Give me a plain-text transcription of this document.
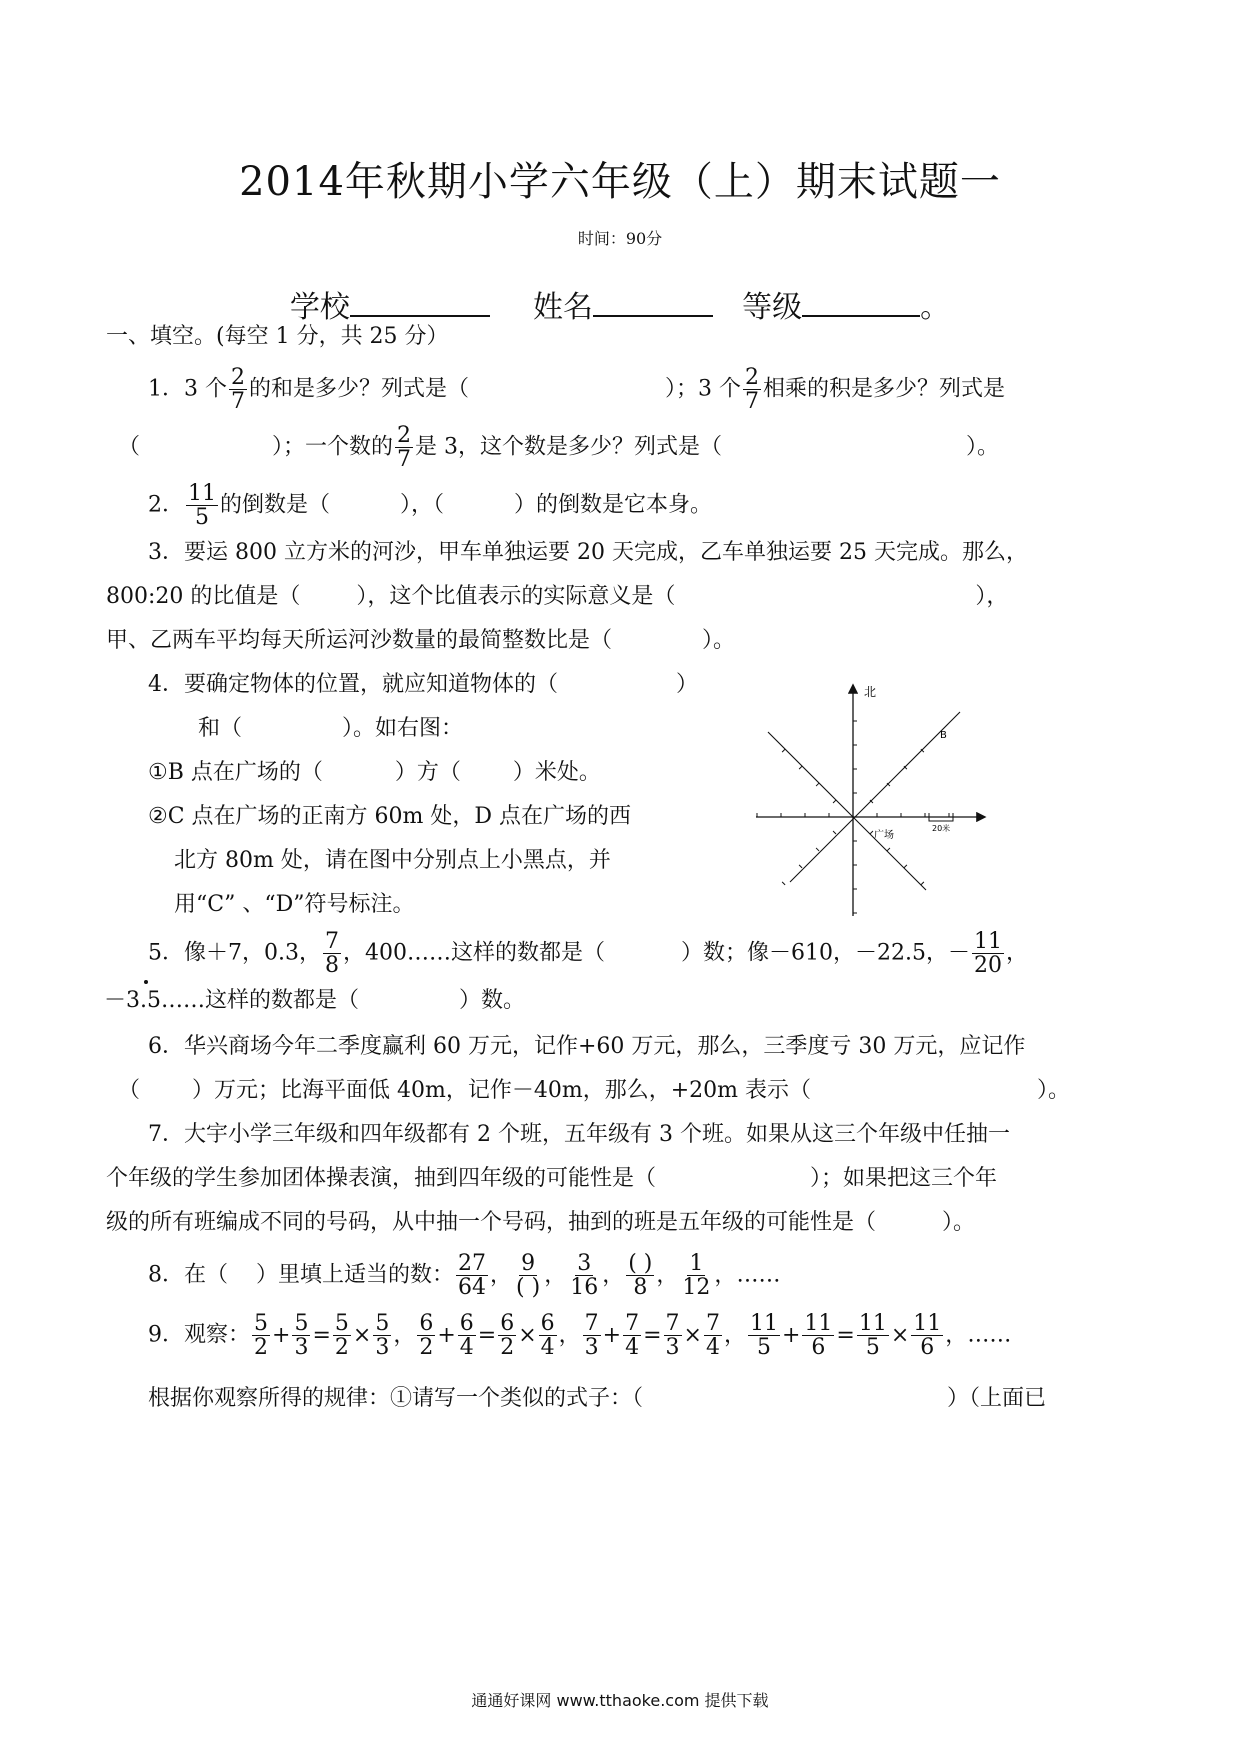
2014年秋期小学六年级（上）期末试题一
时间：90分
学校	姓名	等级	。
一、填空。(每空 1 分，共 25 分）
1．3 个 $\frac{2}{7}$ 的和是多少？列式是（	）；3 个 $\frac{2}{7}$ 相乘的积是多少？列式是
（	）；一个数的 $\frac{2}{7}$ 是 3，这个数是多少？列式是（	）。
2． $\frac{11}{5}$ 的倒数是（	），（	）的倒数是它本身。
3．要运 800 立方米的河沙，甲车单独运要 20 天完成，乙车单独运要 25 天完成。那么，
800:20 的比值是（	），这个比值表示的实际意义是（	），
甲、乙两车平均每天所运河沙数量的最简整数比是（	）。
4．要确定物体的位置，就应知道物体的（	）
和（	）。如右图：
①B 点在广场的（	）方（ ）米处。
②C 点在广场的正南方 60m 处，D 点在广场的西
北方 80m 处，请在图中分别点上小黑点，并
用“C” 、“D”符号标注。
北
B
广场
20米
5．像＋7，0.3， $\frac{7}{8}$ ，400……这样的数都是（	）数；像－610，－22.5，－ $\frac{11}{20}$ ，
－3.5……这样的数都是（	）数。
6．华兴商场今年二季度赢利 60 万元，记作+60 万元，那么，三季度亏 30 万元，应记作
（ ）万元；比海平面低 40m，记作－40m，那么，+20m 表示（	）。
7．大宇小学三年级和四年级都有 2 个班，五年级有 3 个班。如果从这三个年级中任抽一
个年级的学生参加团体操表演，抽到四年级的可能性是（	）；如果把这三个年
级的所有班编成不同的号码，从中抽一个号码，抽到的班是五年级的可能性是（	）。
8．在（ ）里填上适当的数： $\frac{27}{64}$ ， $\frac{9}{( )}$ ， $\frac{3}{16}$ ， $\frac{( )}{8}$ ， $\frac{1}{12}$ ，……
9．观察： $\frac{5}{2} + \frac{5}{3} = \frac{5}{2} \times \frac{5}{3}$ ， $\frac{6}{2} + \frac{6}{4} = \frac{6}{2} \times \frac{6}{4}$ ， $\frac{7}{3} + \frac{7}{4} = \frac{7}{3} \times \frac{7}{4}$ ， $\frac{11}{5} + \frac{11}{6} = \frac{11}{5} \times \frac{11}{6}$ ，……
根据你观察所得的规律：①请写一个类似的式子：（	）（上面已
通通好课网 www.tthaoke.com 提供下载
